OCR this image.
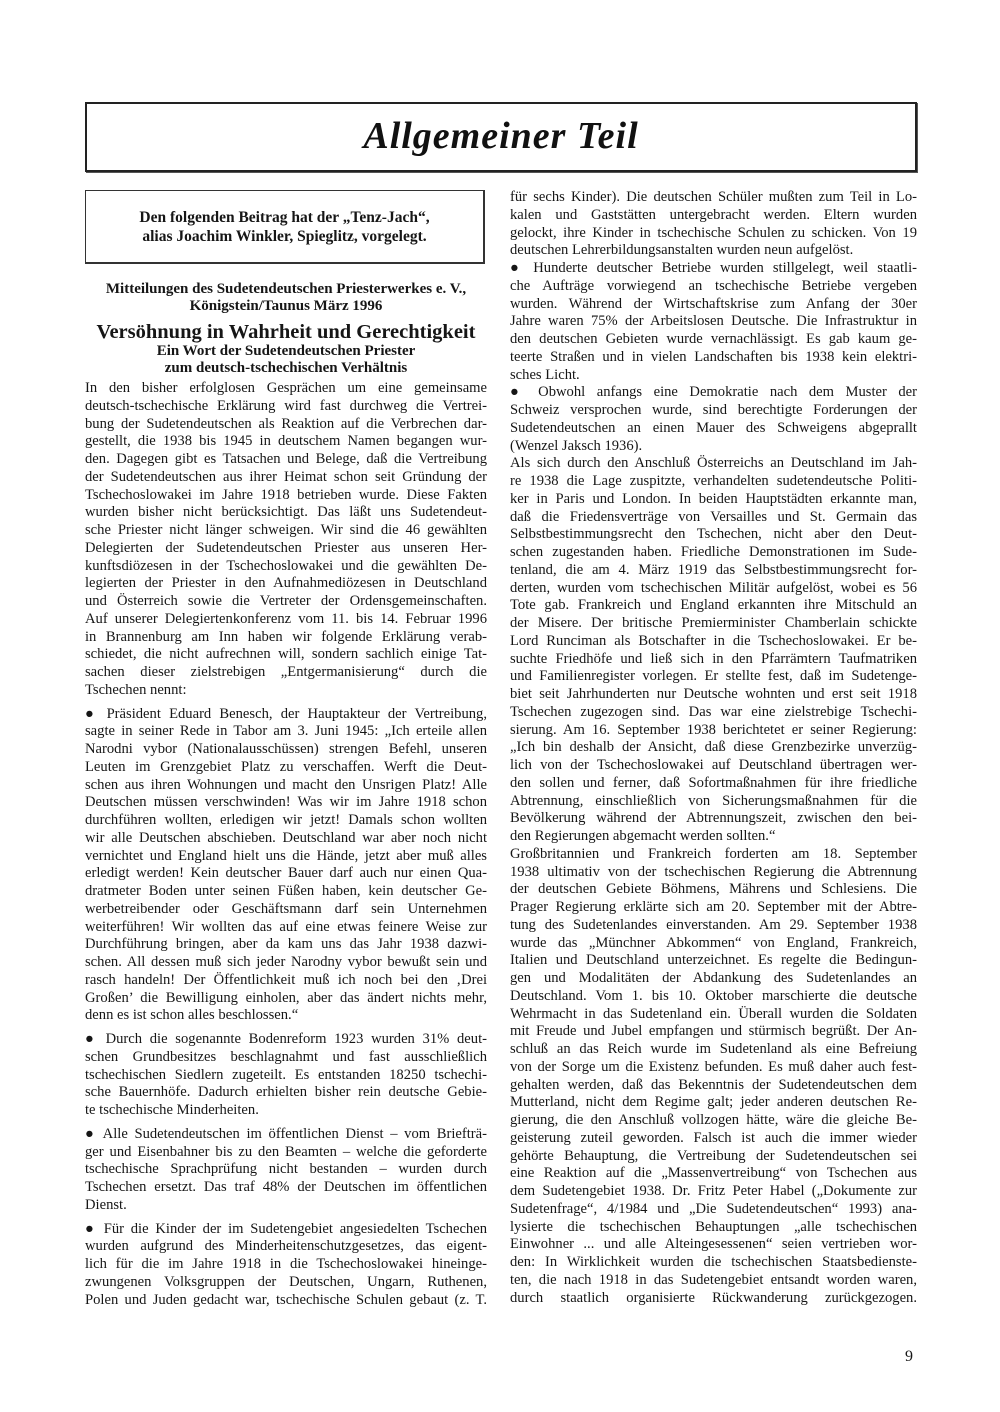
Allgemeiner Teil
Den folgenden Beitrag hat der „Tenz-Jach“,
alias Joachim Winkler, Spieglitz, vorgelegt.
Mitteilungen des Sudetendeutschen Priesterwerkes e. V.,
Königstein/Taunus März 1996
Versöhnung in Wahrheit und Gerechtigkeit
Ein Wort der Sudetendeutschen Priester
zum deutsch-tschechischen Verhältnis
In den bisher erfolglosen Gesprächen um eine gemeinsame
deutsch-tschechische Erklärung wird fast durchweg die Vertrei-
bung der Sudetendeutschen als Reaktion auf die Verbrechen dar-
gestellt, die 1938 bis 1945 in deutschem Namen begangen wur-
den. Dagegen gibt es Tatsachen und Belege, daß die Vertreibung
der Sudetendeutschen aus ihrer Heimat schon seit Gründung der
Tschechoslowakei im Jahre 1918 betrieben wurde. Diese Fakten
wurden bisher nicht berücksichtigt. Das läßt uns Sudetendeut-
sche Priester nicht länger schweigen. Wir sind die 46 gewählten
Delegierten der Sudetendeutschen Priester aus unseren Her-
kunftsdiözesen in der Tschechoslowakei und die gewählten De-
legierten der Priester in den Aufnahmediözesen in Deutschland
und Österreich sowie die Vertreter der Ordensgemeinschaften.
Auf unserer Delegiertenkonferenz vom 11. bis 14. Februar 1996
in Brannenburg am Inn haben wir folgende Erklärung verab-
schiedet, die nicht aufrechnen will, sondern sachlich einige Tat-
sachen dieser zielstrebigen „Entgermanisierung“ durch die
Tschechen nennt:
● Präsident Eduard Benesch, der Hauptakteur der Vertreibung,
sagte in seiner Rede in Tabor am 3. Juni 1945: „Ich erteile allen
Narodni vybor (Nationalausschüssen) strengen Befehl, unseren
Leuten im Grenzgebiet Platz zu verschaffen. Werft die Deut-
schen aus ihren Wohnungen und macht den Unsrigen Platz! Alle
Deutschen müssen verschwinden! Was wir im Jahre 1918 schon
durchführen wollten, erledigen wir jetzt! Damals schon wollten
wir alle Deutschen abschieben. Deutschland war aber noch nicht
vernichtet und England hielt uns die Hände, jetzt aber muß alles
erledigt werden! Kein deutscher Bauer darf auch nur einen Qua-
dratmeter Boden unter seinen Füßen haben, kein deutscher Ge-
werbetreibender oder Geschäftsmann darf sein Unternehmen
weiterführen! Wir wollten das auf eine etwas feinere Weise zur
Durchführung bringen, aber da kam uns das Jahr 1938 dazwi-
schen. All dessen muß sich jeder Narodny vybor bewußt sein und
rasch handeln! Der Öffentlichkeit muß ich noch bei den ‚Drei
Großen’ die Bewilligung einholen, aber das ändert nichts mehr,
denn es ist schon alles beschlossen.“
● Durch die sogenannte Bodenreform 1923 wurden 31% deut-
schen Grundbesitzes beschlagnahmt und fast ausschließlich
tschechischen Siedlern zugeteilt. Es entstanden 18250 tschechi-
sche Bauernhöfe. Dadurch erhielten bisher rein deutsche Gebie-
te tschechische Minderheiten.
● Alle Sudetendeutschen im öffentlichen Dienst – vom Briefträ-
ger und Eisenbahner bis zu den Beamten – welche die geforderte
tschechische Sprachprüfung nicht bestanden – wurden durch
Tschechen ersetzt. Das traf 48% der Deutschen im öffentlichen
Dienst.
● Für die Kinder der im Sudetengebiet angesiedelten Tschechen
wurden aufgrund des Minderheitenschutzgesetzes, das eigent-
lich für die im Jahre 1918 in die Tschechoslowakei hineinge-
zwungenen Volksgruppen der Deutschen, Ungarn, Ruthenen,
Polen und Juden gedacht war, tschechische Schulen gebaut (z. T.
für sechs Kinder). Die deutschen Schüler mußten zum Teil in Lo-
kalen und Gaststätten untergebracht werden. Eltern wurden
gelockt, ihre Kinder in tschechische Schulen zu schicken. Von 19
deutschen Lehrerbildungsanstalten wurden neun aufgelöst.
● Hunderte deutscher Betriebe wurden stillgelegt, weil staatli-
che Aufträge vorwiegend an tschechische Betriebe vergeben
wurden. Während der Wirtschaftskrise zum Anfang der 30er
Jahre waren 75% der Arbeitslosen Deutsche. Die Infrastruktur in
den deutschen Gebieten wurde vernachlässigt. Es gab kaum ge-
teerte Straßen und in vielen Landschaften bis 1938 kein elektri-
sches Licht.
● Obwohl anfangs eine Demokratie nach dem Muster der
Schweiz versprochen wurde, sind berechtigte Forderungen der
Sudetendeutschen an einen Mauer des Schweigens abgeprallt
(Wenzel Jaksch 1936).
Als sich durch den Anschluß Österreichs an Deutschland im Jah-
re 1938 die Lage zuspitzte, verhandelten sudetendeutsche Politi-
ker in Paris und London. In beiden Hauptstädten erkannte man,
daß die Friedensverträge von Versailles und St. Germain das
Selbstbestimmungsrecht den Tschechen, nicht aber den Deut-
schen zugestanden haben. Friedliche Demonstrationen im Sude-
tenland, die am 4. März 1919 das Selbstbestimmungsrecht for-
derten, wurden vom tschechischen Militär aufgelöst, wobei es 56
Tote gab. Frankreich und England erkannten ihre Mitschuld an
der Misere. Der britische Premierminister Chamberlain schickte
Lord Runciman als Botschafter in die Tschechoslowakei. Er be-
suchte Friedhöfe und ließ sich in den Pfarrämtern Taufmatriken
und Familienregister vorlegen. Er stellte fest, daß im Sudetenge-
biet seit Jahrhunderten nur Deutsche wohnten und erst seit 1918
Tschechen zugezogen sind. Das war eine zielstrebige Tschechi-
sierung. Am 16. September 1938 berichtetet er seiner Regierung:
„Ich bin deshalb der Ansicht, daß diese Grenzbezirke unverzüg-
lich von der Tschechoslowakei auf Deutschland übertragen wer-
den sollen und ferner, daß Sofortmaßnahmen für ihre friedliche
Abtrennung, einschließlich von Sicherungsmaßnahmen für die
Bevölkerung während der Abtrennungszeit, zwischen den bei-
den Regierungen abgemacht werden sollten.“
Großbritannien und Frankreich forderten am 18. September
1938 ultimativ von der tschechischen Regierung die Abtrennung
der deutschen Gebiete Böhmens, Mährens und Schlesiens. Die
Prager Regierung erklärte sich am 20. September mit der Abtre-
tung des Sudetenlandes einverstanden. Am 29. September 1938
wurde das „Münchner Abkommen“ von England, Frankreich,
Italien und Deutschland unterzeichnet. Es regelte die Bedingun-
gen und Modalitäten der Abdankung des Sudetenlandes an
Deutschland. Vom 1. bis 10. Oktober marschierte die deutsche
Wehrmacht in das Sudetenland ein. Überall wurden die Soldaten
mit Freude und Jubel empfangen und stürmisch begrüßt. Der An-
schluß an das Reich wurde im Sudetenland als eine Befreiung
von der Sorge um die Existenz befunden. Es muß daher auch fest-
gehalten werden, daß das Bekenntnis der Sudetendeutschen dem
Mutterland, nicht dem Regime galt; jeder anderen deutschen Re-
gierung, die den Anschluß vollzogen hätte, wäre die gleiche Be-
geisterung zuteil geworden. Falsch ist auch die immer wieder
gehörte Behauptung, die Vertreibung der Sudetendeutschen sei
eine Reaktion auf die „Massenvertreibung“ von Tschechen aus
dem Sudetengebiet 1938. Dr. Fritz Peter Habel („Dokumente zur
Sudetenfrage“, 4/1984 und „Die Sudetendeutschen“ 1993) ana-
lysierte die tschechischen Behauptungen „alle tschechischen
Einwohner ... und alle Alteingesessenen“ seien vertrieben wor-
den: In Wirklichkeit wurden die tschechischen Staatsbedienste-
ten, die nach 1918 in das Sudetengebiet entsandt worden waren,
durch staatlich organisierte Rückwanderung zurückgezogen.
9
